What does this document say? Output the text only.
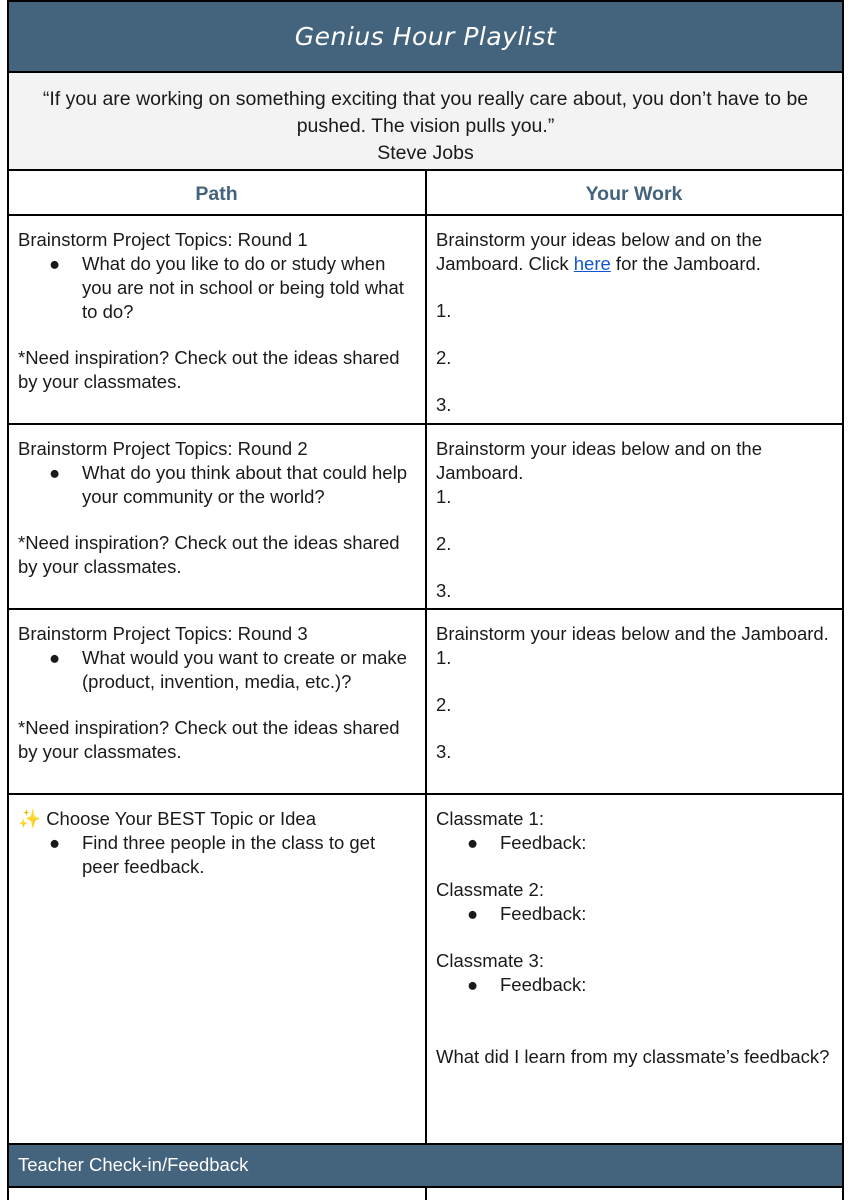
Genius Hour Playlist
“If you are working on something exciting that you really care about, you don’t have to be pushed. The vision pulls you.”
Steve Jobs
Path	Your Work
Brainstorm Project Topics: Round 1
● What do you like to do or study when you are not in school or being told what to do?
*Need inspiration? Check out the ideas shared by your classmates.
Brainstorm your ideas below and on the Jamboard. Click here for the Jamboard.
1.
2.
3.
Brainstorm Project Topics: Round 2
● What do you think about that could help your community or the world?
*Need inspiration? Check out the ideas shared by your classmates.
Brainstorm your ideas below and on the Jamboard.
1.
2.
3.
Brainstorm Project Topics: Round 3
● What would you want to create or make (product, invention, media, etc.)?
*Need inspiration? Check out the ideas shared by your classmates.
Brainstorm your ideas below and the Jamboard.
1.
2.
3.
✨ Choose Your BEST Topic or Idea
● Find three people in the class to get peer feedback.
Classmate 1:
● Feedback:
Classmate 2:
● Feedback:
Classmate 3:
● Feedback:
What did I learn from my classmate’s feedback?
Teacher Check-in/Feedback
